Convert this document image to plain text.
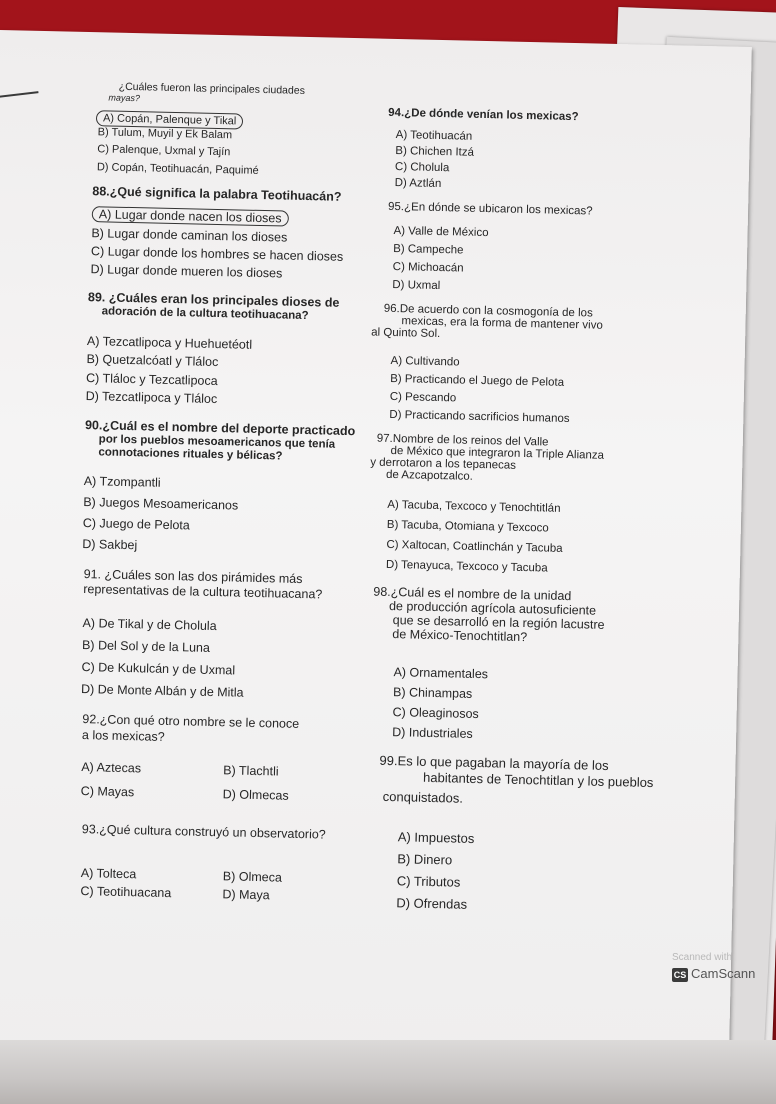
¿Cuáles fueron las principales ciudades
mayas?
A) Copán, Palenque y Tikal
B) Tulum, Muyil y Ek Balam
C) Palenque, Uxmal y Tajín
D) Copán, Teotihuacán, Paquimé
88.¿Qué significa la palabra Teotihuacán?
A) Lugar donde nacen los dioses
B) Lugar donde caminan los dioses
C) Lugar donde los hombres se hacen dioses
D) Lugar donde mueren los dioses
89. ¿Cuáles eran los principales dioses de
adoración de la cultura teotihuacana?
A) Tezcatlipoca y Huehuetéotl
B) Quetzalcóatl y Tláloc
C) Tláloc y Tezcatlipoca
D) Tezcatlipoca y Tláloc
90.¿Cuál es el nombre del deporte practicado
por los pueblos mesoamericanos que tenía
connotaciones rituales y bélicas?
A) Tzompantli
B) Juegos Mesoamericanos
C) Juego de Pelota
D) Sakbej
91. ¿Cuáles son las dos pirámides más
representativas de la cultura teotihuacana?
A) De Tikal y de Cholula
B) Del Sol y de la Luna
C) De Kukulcán y de Uxmal
D) De Monte Albán y de Mitla
92.¿Con qué otro nombre se le conoce
a los mexicas?
A) Aztecas	B) Tlachtli
C) Mayas	D) Olmecas
93.¿Qué cultura construyó un observatorio?
A) Tolteca	B) Olmeca
C) Teotihuacana	D) Maya
94.¿De dónde venían los mexicas?
A) Teotihuacán
B) Chichen Itzá
C) Cholula
D) Aztlán
95.¿En dónde se ubicaron los mexicas?
A) Valle de México
B) Campeche
C) Michoacán
D) Uxmal
96.De acuerdo con la cosmogonía de los
mexicas, era la forma de mantener vivo
al Quinto Sol.
A) Cultivando
B) Practicando el Juego de Pelota
C) Pescando
D) Practicando sacrificios humanos
97.Nombre de los reinos del Valle
de México que integraron la Triple Alianza
y derrotaron a los tepanecas
de Azcapotzalco.
A) Tacuba, Texcoco y Tenochtitlán
B) Tacuba, Otomiana y Texcoco
C) Xaltocan, Coatlinchán y Tacuba
D) Tenayuca, Texcoco y Tacuba
98.¿Cuál es el nombre de la unidad
de producción agrícola autosuficiente
que se desarrolló en la región lacustre
de México-Tenochtitlan?
A) Ornamentales
B) Chinampas
C) Oleaginosos
D) Industriales
99.Es lo que pagaban la mayoría de los
habitantes de Tenochtitlan y los pueblos
conquistados.
A) Impuestos
B) Dinero
C) Tributos
D) Ofrendas
Scanned with
CS CamScann
